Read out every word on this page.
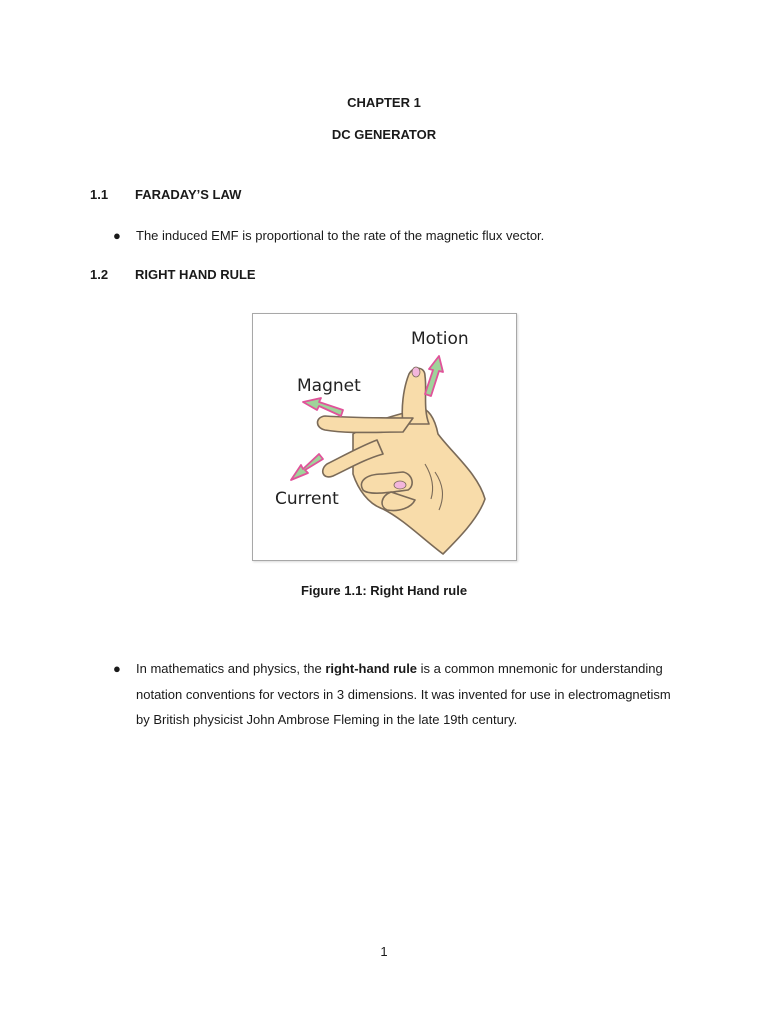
CHAPTER 1
DC GENERATOR
1.1 FARADAY’S LAW
●	The induced EMF is proportional to the rate of the magnetic flux vector.
1.2 RIGHT HAND RULE
Motion
Magnet
Current
Figure 1.1: Right Hand rule
●	In mathematics and physics, the right-hand rule is a common mnemonic for understanding notation conventions for vectors in 3 dimensions. It was invented for use in electromagnetism by British physicist John Ambrose Fleming in the late 19th century.
1
